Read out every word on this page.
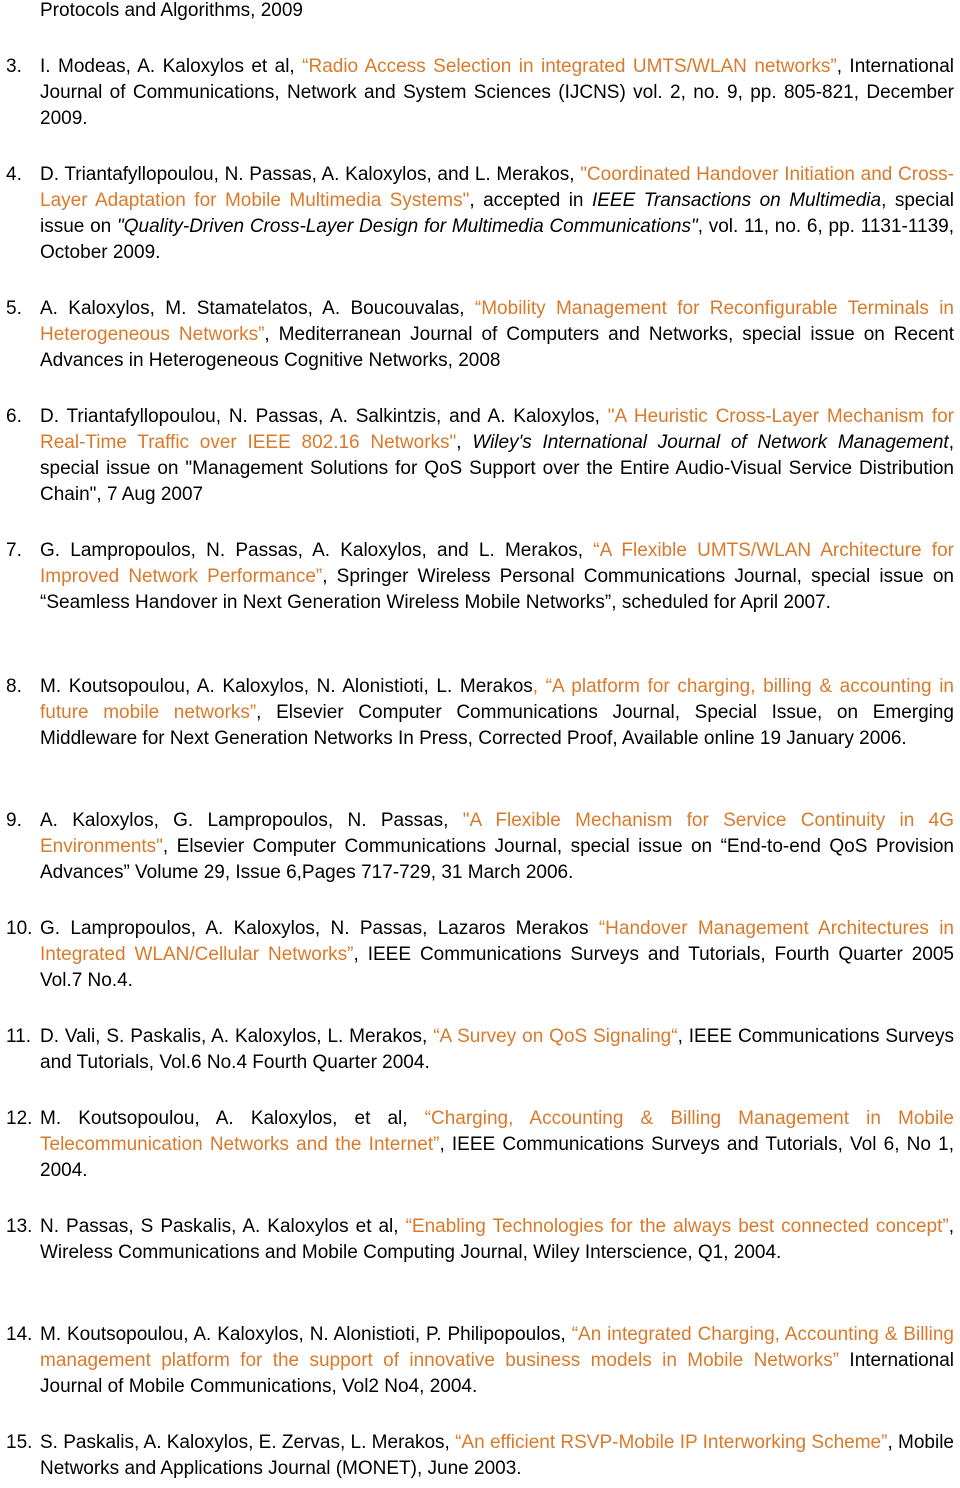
Protocols and Algorithms, 2009

3. I. Modeas, A. Kaloxylos et al, “Radio Access Selection in integrated UMTS/WLAN networks”, International Journal of Communications, Network and System Sciences (IJCNS) vol. 2, no. 9, pp. 805-821, December 2009.
4. D. Triantafyllopoulou, N. Passas, A. Kaloxylos, and L. Merakos, "Coordinated Handover Initiation and Cross-Layer Adaptation for Mobile Multimedia Systems", accepted in IEEE Transactions on Multimedia, special issue on "Quality-Driven Cross-Layer Design for Multimedia Communications", vol. 11, no. 6, pp. 1131-1139, October 2009.
5. A. Kaloxylos, M. Stamatelatos, A. Boucouvalas, “Mobility Management for Reconfigurable Terminals in Heterogeneous Networks”, Mediterranean Journal of Computers and Networks, special issue on Recent Advances in Heterogeneous Cognitive Networks, 2008
6. D. Triantafyllopoulou, N. Passas, A. Salkintzis, and A. Kaloxylos, "A Heuristic Cross-Layer Mechanism for Real-Time Traffic over IEEE 802.16 Networks", Wiley's International Journal of Network Management, special issue on "Management Solutions for QoS Support over the Entire Audio-Visual Service Distribution Chain", 7 Aug 2007
7. G. Lampropoulos, N. Passas, A. Kaloxylos, and L. Merakos, “A Flexible UMTS/WLAN Architecture for Improved Network Performance”, Springer Wireless Personal Communications Journal, special issue on “Seamless Handover in Next Generation Wireless Mobile Networks”, scheduled for April 2007.
8. M. Koutsopoulou, A. Kaloxylos, N. Alonistioti, L. Merakos, “A platform for charging, billing & accounting in future mobile networks”, Elsevier Computer Communications Journal, Special Issue, on Emerging Middleware for Next Generation Networks In Press, Corrected Proof, Available online 19 January 2006.
9. A. Kaloxylos, G. Lampropoulos, N. Passas, "A Flexible Mechanism for Service Continuity in 4G Environments", Elsevier Computer Communications Journal, special issue on “End-to-end QoS Provision Advances” Volume 29, Issue 6,Pages 717-729, 31 March 2006.
10. G. Lampropoulos, A. Kaloxylos, N. Passas, Lazaros Merakos “Handover Management Architectures in Integrated WLAN/Cellular Networks”, IEEE Communications Surveys and Tutorials, Fourth Quarter 2005 Vol.7 No.4.
11. D. Vali, S. Paskalis, A. Kaloxylos, L. Merakos, “A Survey on QoS Signaling“, IEEE Communications Surveys and Tutorials, Vol.6 No.4 Fourth Quarter 2004.
12. M. Koutsopoulou, A. Kaloxylos, et al, “Charging, Accounting & Billing Management in Mobile Telecommunication Networks and the Internet”, IEEE Communications Surveys and Tutorials, Vol 6, No 1, 2004.
13. N. Passas, S Paskalis, A. Kaloxylos et al, “Enabling Technologies for the always best connected concept”, Wireless Communications and Mobile Computing Journal, Wiley Interscience, Q1, 2004.
14. M. Koutsopoulou, A. Kaloxylos, N. Alonistioti, P. Philipopoulos, “An integrated Charging, Accounting & Billing management platform for the support of innovative business models in Mobile Networks” International Journal of Mobile Communications, Vol2 No4, 2004.
15. S. Paskalis, A. Kaloxylos, E. Zervas, L. Merakos, “An efficient RSVP-Mobile IP Interworking Scheme”, Mobile Networks and Applications Journal (MONET), June 2003.
